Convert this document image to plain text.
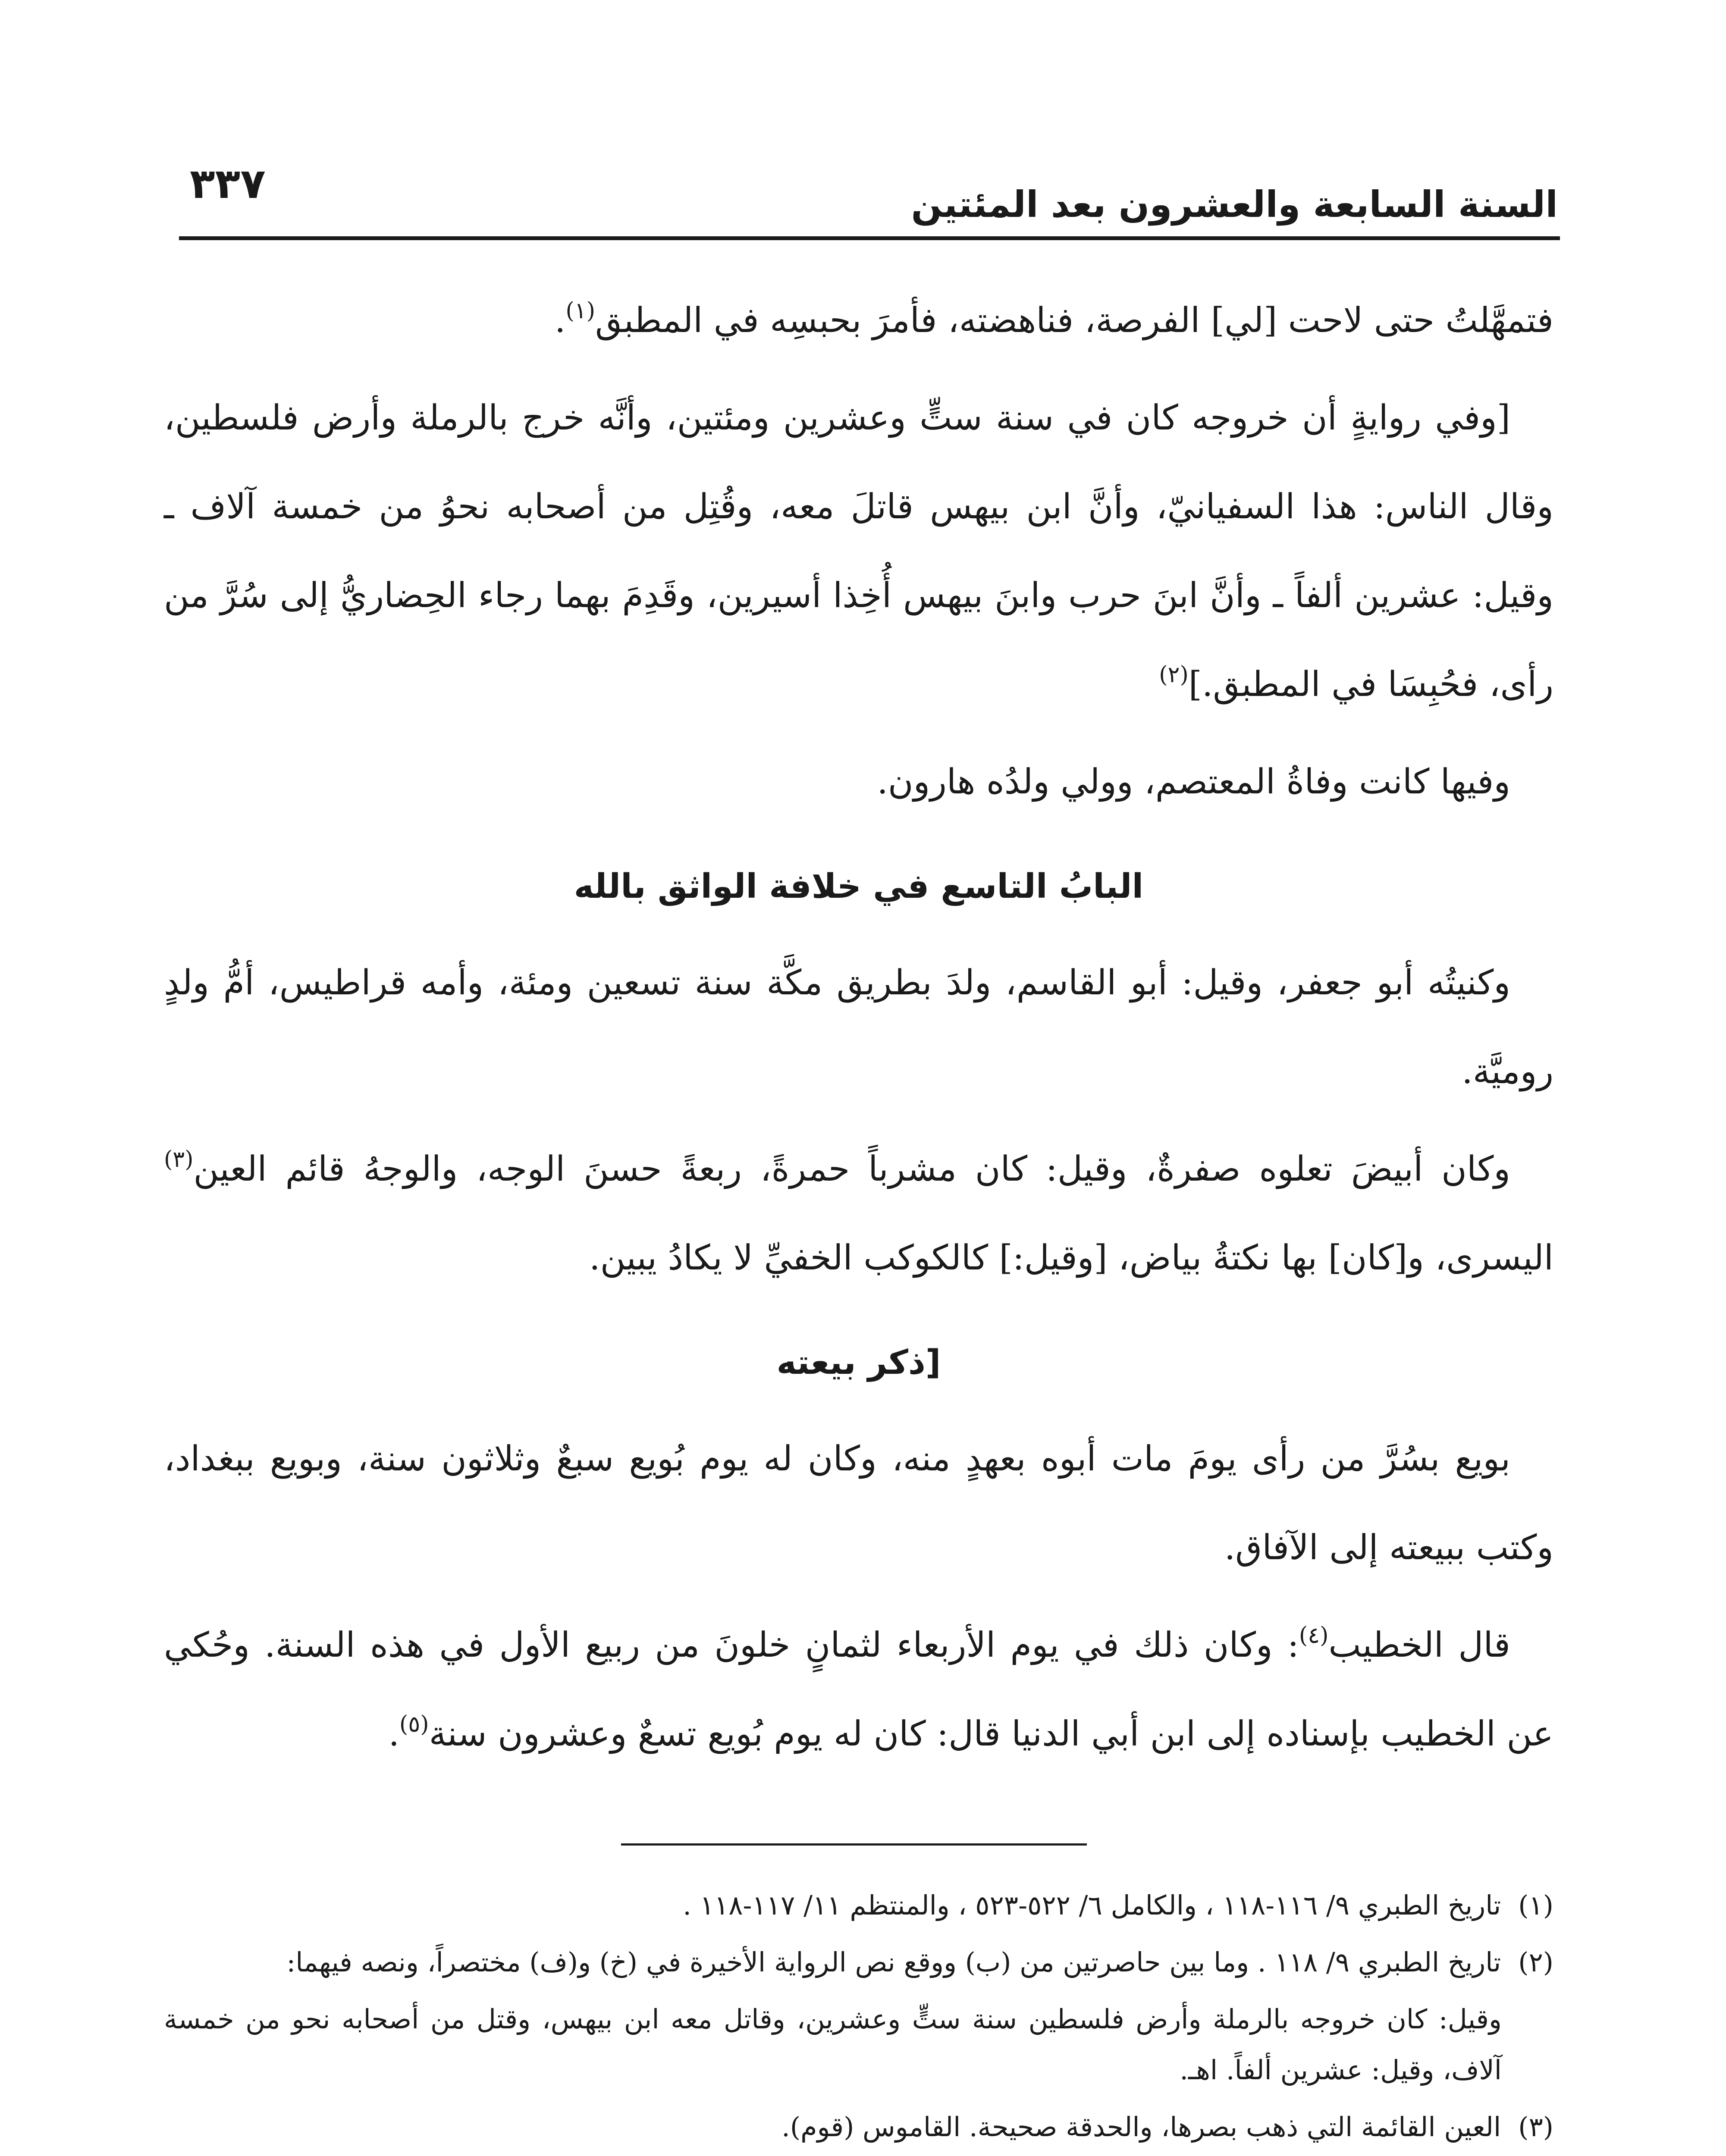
السنة السابعة والعشرون بعد المئتين
٣٣٧

فتمهَّلتُ حتى لاحت [لي] الفرصة، فناهضته، فأمرَ بحبسِه في المطبق$^{(١)}$.

[وفي روايةٍ أن خروجه كان في سنة ستٍّ وعشرين ومئتين، وأنَّه خرج بالرملة وأرض فلسطين، وقال الناس: هذا السفيانيّ، وأنَّ ابن بيهس قاتلَ معه، وقُتِل من أصحابه نحوُ من خمسة آلاف ـ وقيل: عشرين ألفاً ـ وأنَّ ابنَ حرب وابنَ بيهس أُخِذا أسيرين، وقَدِمَ بهما رجاء الحِضاريُّ إلى سُرَّ من رأى، فحُبِسَا في المطبق.]$^{(٢)}$

وفيها كانت وفاةُ المعتصم، وولي ولدُه هارون.

البابُ التاسع في خلافة الواثق بالله

وكنيتُه أبو جعفر، وقيل: أبو القاسم، ولدَ بطريق مكَّة سنة تسعين ومئة، وأمه قراطيس، أمُّ ولدٍ روميَّة.

وكان أبيضَ تعلوه صفرةٌ، وقيل: كان مشرباً حمرةً، ربعةً حسنَ الوجه، والوجهُ قائم العين$^{(٣)}$ اليسرى، و[كان] بها نكتةُ بياض، [وقيل:] كالكوكب الخفيِّ لا يكادُ يبين.

[ذكر بيعته

بويع بسُرَّ من رأى يومَ مات أبوه بعهدٍ منه، وكان له يوم بُويع سبعٌ وثلاثون سنة، وبويع ببغداد، وكتب ببيعته إلى الآفاق.

قال الخطيب$^{(٤)}$: وكان ذلك في يوم الأربعاء لثمانٍ خلونَ من ربيع الأول في هذه السنة. وحُكي عن الخطيب بإسناده إلى ابن أبي الدنيا قال: كان له يوم بُويع تسعٌ وعشرون سنة$^{(٥)}$.

(١)تاريخ الطبري ٩/ ١١٦-١١٨ ، والكامل ٦/ ٥٢٢-٥٢٣ ، والمنتظم ١١/ ١١٧-١١٨ .

(٢)تاريخ الطبري ٩/ ١١٨ . وما بين حاصرتين من (ب) ووقع نص الرواية الأخيرة في (خ) و(ف) مختصراً، ونصه فيهما:

وقيل: كان خروجه بالرملة وأرض فلسطين سنة ستٍّ وعشرين، وقاتل معه ابن بيهس، وقتل من أصحابه نحو من خمسة آلاف، وقيل: عشرين ألفاً. اهـ.

(٣)العين القائمة التي ذهب بصرها، والحدقة صحيحة. القاموس (قوم).
